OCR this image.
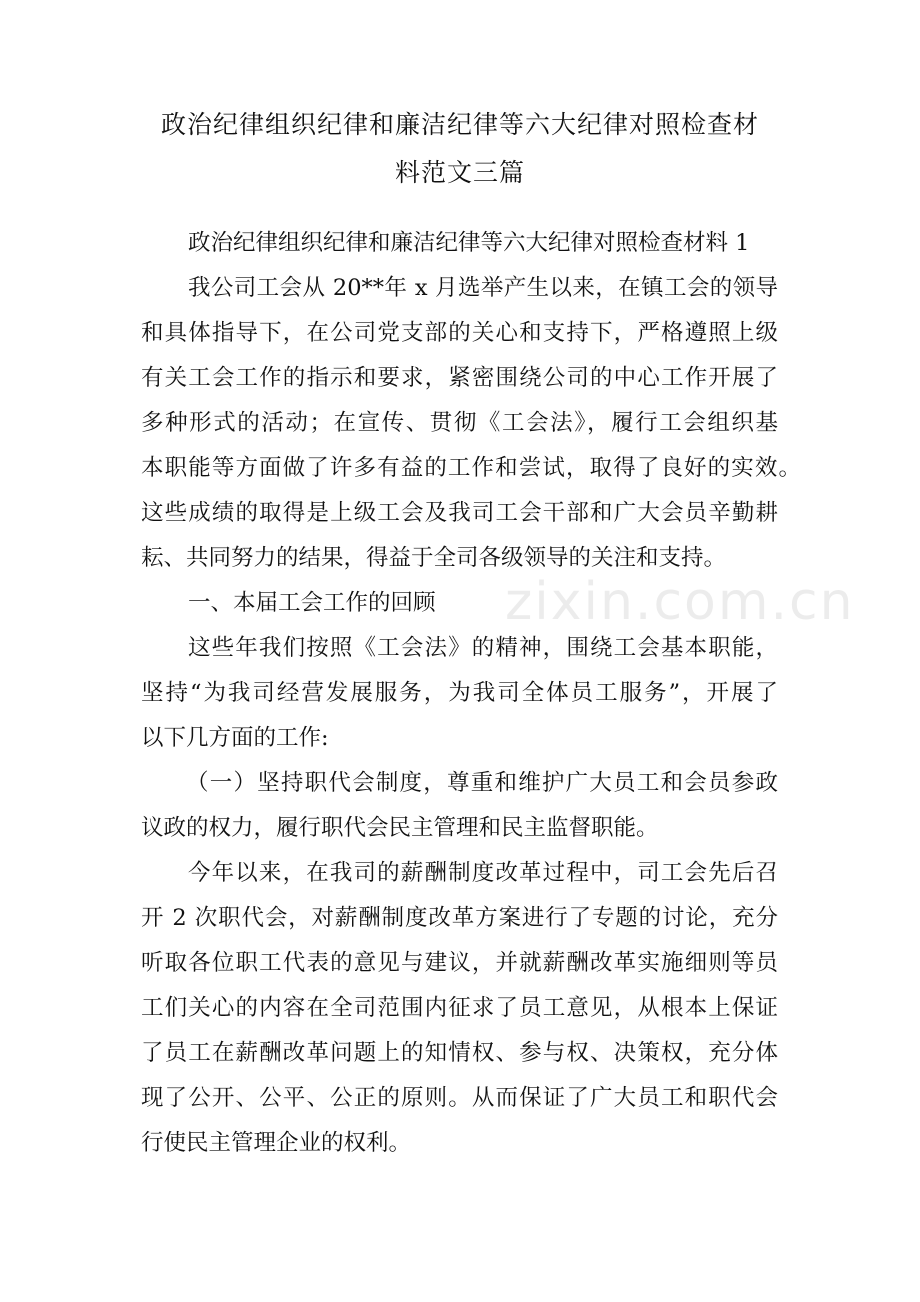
政治纪律组织纪律和廉洁纪律等六大纪律对照检查材
料范文三篇
政治纪律组织纪律和廉洁纪律等六大纪律对照检查材料 1
我公司工会从 20**年 x 月选举产生以来，在镇工会的领导
和具体指导下，在公司党支部的关心和支持下，严格遵照上级
有关工会工作的指示和要求，紧密围绕公司的中心工作开展了
多种形式的活动；在宣传、贯彻《工会法》，履行工会组织基
本职能等方面做了许多有益的工作和尝试，取得了良好的实效。
这些成绩的取得是上级工会及我司工会干部和广大会员辛勤耕
耘、共同努力的结果，得益于全司各级领导的关注和支持。
一、本届工会工作的回顾
这些年我们按照《工会法》的精神，围绕工会基本职能，
坚持“为我司经营发展服务，为我司全体员工服务”，开展了
以下几方面的工作:
（一）坚持职代会制度，尊重和维护广大员工和会员参政
议政的权力，履行职代会民主管理和民主监督职能。
今年以来，在我司的薪酬制度改革过程中，司工会先后召
开 2 次职代会，对薪酬制度改革方案进行了专题的讨论，充分
听取各位职工代表的意见与建议，并就薪酬改革实施细则等员
工们关心的内容在全司范围内征求了员工意见，从根本上保证
了员工在薪酬改革问题上的知情权、参与权、决策权，充分体
现了公开、公平、公正的原则。从而保证了广大员工和职代会
行使民主管理企业的权利。
zixin.com.cn
